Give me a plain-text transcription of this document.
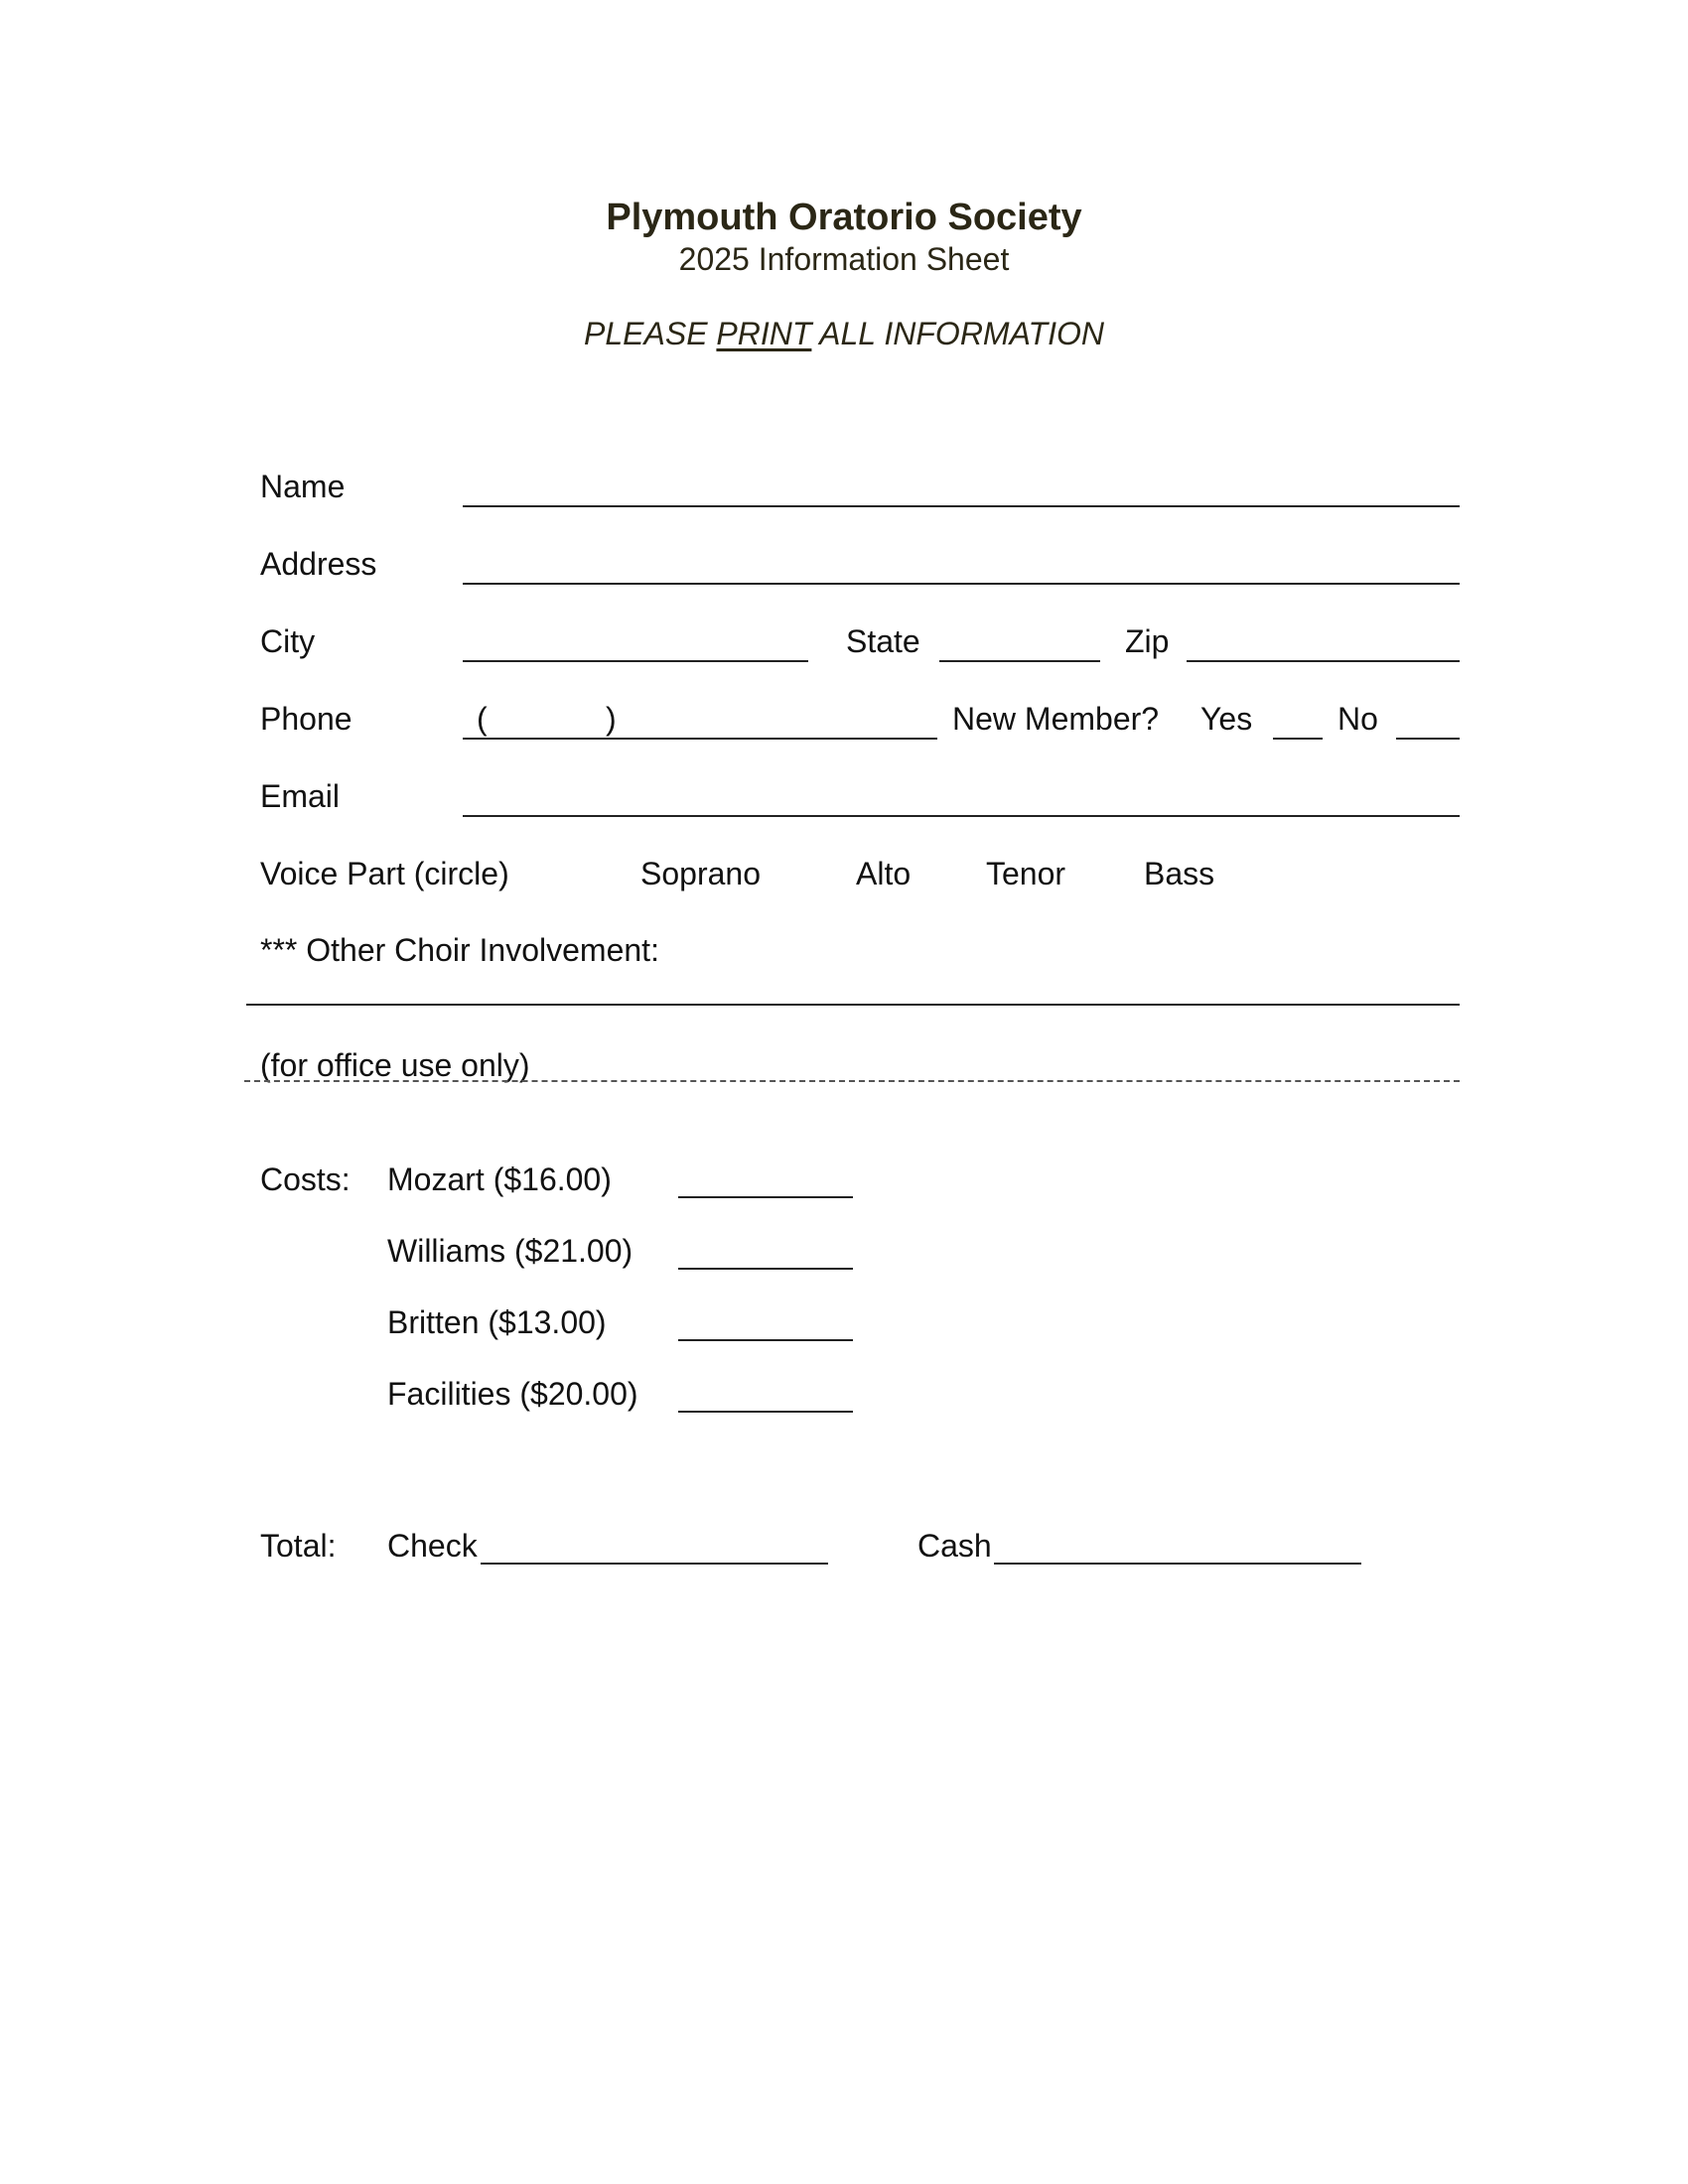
Plymouth Oratorio Society
2025 Information Sheet
PLEASE PRINT ALL INFORMATION
Name
Address
City	State	Zip
Phone	(	)	New Member? Yes	No
Email
Voice Part (circle)	Soprano	Alto Tenor Bass
*** Other Choir Involvement:
(for office use only)
Costs: Mozart ($16.00)
Williams ($21.00)
Britten ($13.00)
Facilities ($20.00)
Total: Check	Cash
